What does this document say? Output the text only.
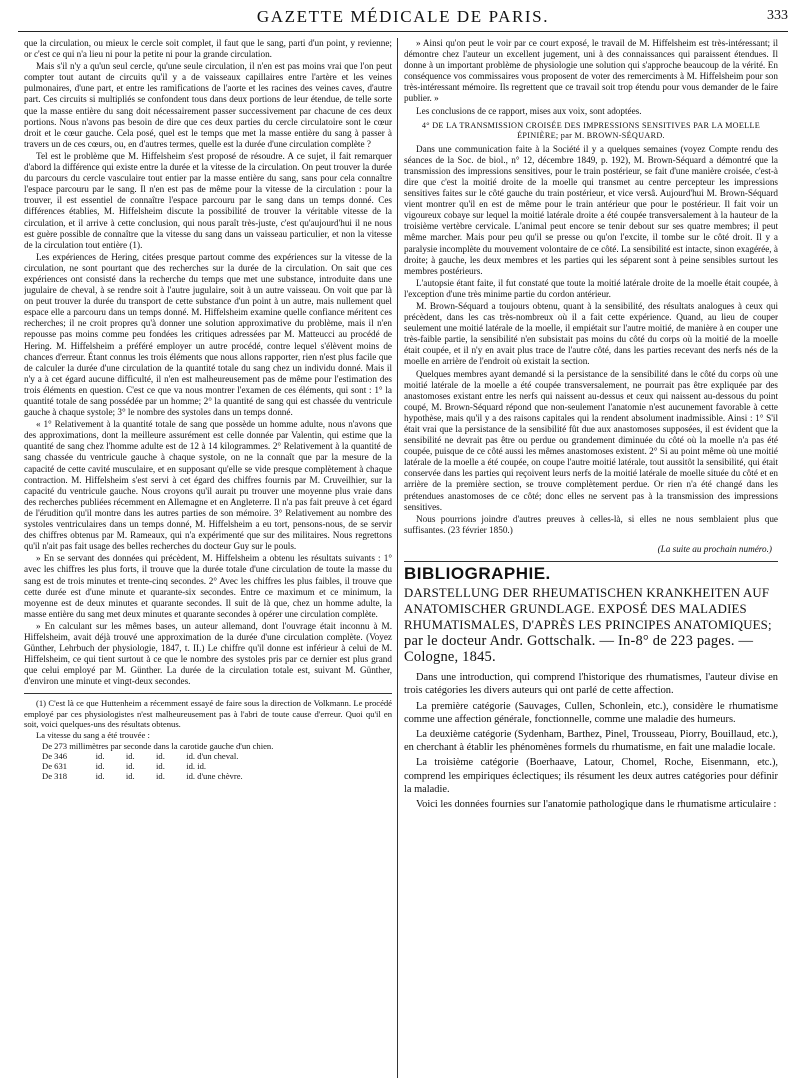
GAZETTE MÉDICALE DE PARIS.	333

que la circulation, ou mieux le cercle soit complet, il faut que le sang, parti d'un point, y revienne; or c'est ce qui n'a lieu ni pour la petite ni pour la grande circulation.

Mais s'il n'y a qu'un seul cercle, qu'une seule circulation, il n'en est pas moins vrai que l'on peut compter tout autant de circuits qu'il y a de vaisseaux capillaires entre l'artère et les veines pulmonaires, d'une part, et entre les ramifications de l'aorte et les racines des veines caves, d'autre part. Ces circuits si multipliés se confondent tous dans deux portions de leur étendue, de telle sorte que la masse entière du sang doit nécessairement passer successivement par chacune de ces deux portions. Nous n'avons pas besoin de dire que ces deux parties du cercle circulatoire sont le cœur droit et le cœur gauche. Cela posé, quel est le temps que met la masse entière du sang à passer à travers un de ces cœurs, ou, en d'autres termes, quelle est la durée d'une circulation complète ?

Tel est le problème que M. Hiffelsheim s'est proposé de résoudre. A ce sujet, il fait remarquer d'abord la différence qui existe entre la durée et la vitesse de la circulation. On peut trouver la durée du parcours du cercle vasculaire tout entier par la masse entière du sang, sans pour cela connaître l'espace parcouru par le sang. Il n'en est pas de même pour la vitesse de la circulation : pour la trouver, il est essentiel de connaître l'espace parcouru par le sang dans un temps donné. Ces différences établies, M. Hiffelsheim discute la possibilité de trouver la véritable vitesse de la circulation, et il arrive à cette conclusion, qui nous paraît très-juste, c'est qu'aujourd'hui il ne nous est guère possible de connaître que la vitesse du sang dans un vaisseau particulier, et non la vitesse de la circulation tout entière (1).

Les expériences de Hering, citées presque partout comme des expériences sur la vitesse de la circulation, ne sont pourtant que des recherches sur la durée de la circulation. On sait que ces expériences ont consisté dans la recherche du temps que met une substance, introduite dans une jugulaire de cheval, à se rendre soit à l'autre jugulaire, soit à un autre vaisseau. On voit que par là on peut trouver la durée du transport de cette substance d'un point à un autre, mais nullement quel espace elle a parcouru dans un temps donné. M. Hiffelsheim examine quelle confiance méritent ces recherches; il ne croit propres qu'à donner une solution approximative du problème, mais il n'en repousse pas moins comme peu fondées les critiques adressées par M. Matteucci au procédé de Hering. M. Hiffelsheim a préféré employer un autre procédé, contre lequel s'élèvent moins de chances d'erreur. Étant connus les trois éléments que nous allons rapporter, rien n'est plus facile que de calculer la durée d'une circulation de la quantité totale du sang chez un individu donné. Mais il n'y a à cet égard aucune difficulté, il n'en est malheureusement pas de même pour l'estimation des trois éléments en question. C'est ce que va nous montrer l'examen de ces éléments, qui sont : 1° la quantité totale de sang possédée par un homme; 2° la quantité de sang qui est chassée du ventricule gauche à chaque systole; 3° le nombre des systoles dans un temps donné.

« 1° Relativement à la quantité totale de sang que possède un homme adulte, nous n'avons que des approximations, dont la meilleure assurément est celle donnée par Valentin, qui estime que la quantité de sang chez l'homme adulte est de 12 à 14 kilogrammes. 2° Relativement à la quantité de sang chassée du ventricule gauche à chaque systole, on ne la connaît que par la mesure de la capacité de cette cavité musculaire, et en supposant qu'elle se vide presque complètement à chaque contraction. M. Hiffelsheim s'est servi à cet égard des chiffres fournis par M. Cruveilhier, sur la capacité du ventricule gauche. Nous croyons qu'il aurait pu trouver une moyenne plus vraie dans des recherches publiées récemment en Allemagne et en Angleterre. Il n'a pas fait preuve à cet égard de l'érudition qu'il montre dans les autres parties de son mémoire. 3° Relativement au nombre des systoles ventriculaires dans un temps donné, M. Hiffelsheim a eu tort, pensons-nous, de se servir des chiffres obtenus par M. Rameaux, qui n'a expérimenté que sur des militaires. Nous regrettons qu'il n'ait pas fait usage des belles recherches du docteur Guy sur le pouls.

» En se servant des données qui précèdent, M. Hiffelsheim a obtenu les résultats suivants : 1° avec les chiffres les plus forts, il trouve que la durée totale d'une circulation de toute la masse du sang est de trois minutes et trente-cinq secondes. 2° Avec les chiffres les plus faibles, il trouve que cette durée est d'une minute et quarante-six secondes. Entre ce maximum et ce minimum, la moyenne est de deux minutes et quarante secondes. Il suit de là que, chez un homme adulte, la masse entière du sang met deux minutes et quarante secondes à opérer une circulation complète.

» En calculant sur les mêmes bases, un auteur allemand, dont l'ouvrage était inconnu à M. Hiffelsheim, avait déjà trouvé une approximation de la durée d'une circulation complète. (Voyez Günther, Lehrbuch der physiologie, 1847, t. II.) Le chiffre qu'il donne est inférieur à celui de M. Hiffelsheim, ce qui tient surtout à ce que le nombre des systoles pris par ce dernier est plus grand que celui employé par M. Günther. La durée de la circulation totale est, suivant M. Günther, d'environ une minute et vingt-deux secondes.

(1) C'est là ce que Huttenheim a récemment essayé de faire sous la direction de Volkmann. Le procédé employé par ces physiologistes n'est malheureusement pas à l'abri de toute cause d'erreur. Quoi qu'il en soit, voici quelques-uns des résultats obtenus.

La vitesse du sang a été trouvée :

De 273 millimètres par seconde dans la carotide gauche d'un chien.				
De 346	id.	id.	id.	id. d'un cheval.
De 631	id.	id.	id.	id. id.
De 318	id.	id.	id.	id. d'une chèvre.

» Ainsi qu'on peut le voir par ce court exposé, le travail de M. Hiffelsheim est très-intéressant; il démontre chez l'auteur un excellent jugement, uni à des connaissances qui paraissent étendues. Il donne à un important problème de physiologie une solution qui s'approche beaucoup de la vérité. En conséquence vos commissaires vous proposent de voter des remerciments à M. Hiffelsheim pour son très-intéressant mémoire. Ils regrettent que ce travail soit trop étendu pour vous demander de le faire publier. »

Les conclusions de ce rapport, mises aux voix, sont adoptées.

4° DE LA TRANSMISSION CROISÉE DES IMPRESSIONS SENSITIVES PAR LA MOELLE ÉPINIÈRE; par M. BROWN-SÉQUARD.

Dans une communication faite à la Société il y a quelques semaines (voyez Compte rendu des séances de la Soc. de biol., n° 12, décembre 1849, p. 192), M. Brown-Séquard a démontré que la transmission des impressions sensitives, pour le train postérieur, se fait d'une manière croisée, c'est-à dire que c'est la moitié droite de la moelle qui transmet au centre percepteur les impressions sensitives faites sur le côté gauche du train postérieur, et vice versâ. Aujourd'hui M. Brown-Séquard vient montrer qu'il en est de même pour le train antérieur que pour le postérieur. Il fait voir un vigoureux cobaye sur lequel la moitié latérale droite a été coupée transversalement à la hauteur de la troisième vertèbre cervicale. L'animal peut encore se tenir debout sur ses quatre membres; il peut même marcher. Mais pour peu qu'il se presse ou qu'on l'excite, il tombe sur le côté droit. Il y a paralysie incomplète du mouvement volontaire de ce côté. La sensibilité est intacte, sinon exagérée, à droite; à gauche, les deux membres et les parties qui les séparent sont à peine sensibles surtout les membres postérieurs.

L'autopsie étant faite, il fut constaté que toute la moitié latérale droite de la moelle était coupée, à l'exception d'une très minime partie du cordon antérieur.

M. Brown-Séquard a toujours obtenu, quant à la sensibilité, des résultats analogues à ceux qui précèdent, dans les cas très-nombreux où il a fait cette expérience. Quand, au lieu de couper seulement une moitié latérale de la moelle, il empiétait sur l'autre moitié, de manière à en couper une très-faible partie, la sensibilité n'en subsistait pas moins du côté du corps où la moitié de la moelle était coupée, et il n'y en avait plus trace de l'autre côté, dans les parties recevant des nerfs nés de la moelle en arrière de l'endroit où existait la section.

Quelques membres ayant demandé si la persistance de la sensibilité dans le côté du corps où une moitié latérale de la moelle a été coupée transversalement, ne pourrait pas être expliquée par des anastomoses existant entre les nerfs qui naissent au-dessus et ceux qui naissent au-dessous du point coupé, M. Brown-Séquard répond que non-seulement l'anatomie n'est aucunement favorable à cette hypothèse, mais qu'il y a des raisons capitales qui la rendent absolument inadmissible. Ainsi : 1° S'il était vrai que la persistance de la sensibilité fût due aux anastomoses supposées, il est évident que la sensibilité ne devrait pas être ou perdue ou grandement diminuée du côté où la moelle n'a pas été coupée, puisque de ce côté aussi les mêmes anastomoses existent. 2° Si au point même où une moitié latérale de la moelle a été coupée, on coupe l'autre moitié latérale, tout aussitôt la sensibilité, qui était conservée dans les parties qui reçoivent leurs nerfs de la moitié latérale de moelle située du côté et en arrière de la première section, se trouve complètement perdue. Or rien n'a été changé dans les prétendues anastomoses de ce côté; donc elles ne servent pas à la transmission des impressions sensitives.

Nous pourrions joindre d'autres preuves à celles-là, si elles ne nous semblaient plus que suffisantes. (23 février 1850.)

(La suite au prochain numéro.)

BIBLIOGRAPHIE.

DARSTELLUNG DER RHEUMATISCHEN KRANKHEITEN AUF ANATOMISCHER GRUNDLAGE. EXPOSÉ DES MALADIES RHUMATISMALES, D'APRÈS LES PRINCIPES ANATOMIQUES; par le docteur Andr. Gottschalk. — In-8° de 223 pages. — Cologne, 1845.

Dans une introduction, qui comprend l'historique des rhumatismes, l'auteur divise en trois catégories les divers auteurs qui ont parlé de cette affection.

La première catégorie (Sauvages, Cullen, Schonlein, etc.), considère le rhumatisme comme une affection générale, fonctionnelle, comme une maladie des humeurs.

La deuxième catégorie (Sydenham, Barthez, Pinel, Trousseau, Piorry, Bouillaud, etc.), en cherchant à établir les phénomènes formels du rhumatisme, en fait une maladie locale.

La troisième catégorie (Boerhaave, Latour, Chomel, Roche, Eisenmann, etc.), comprend les empiriques éclectiques; ils résument les deux autres catégories pour définir la maladie.

Voici les données fournies sur l'anatomie pathologique dans le rhumatisme articulaire :
